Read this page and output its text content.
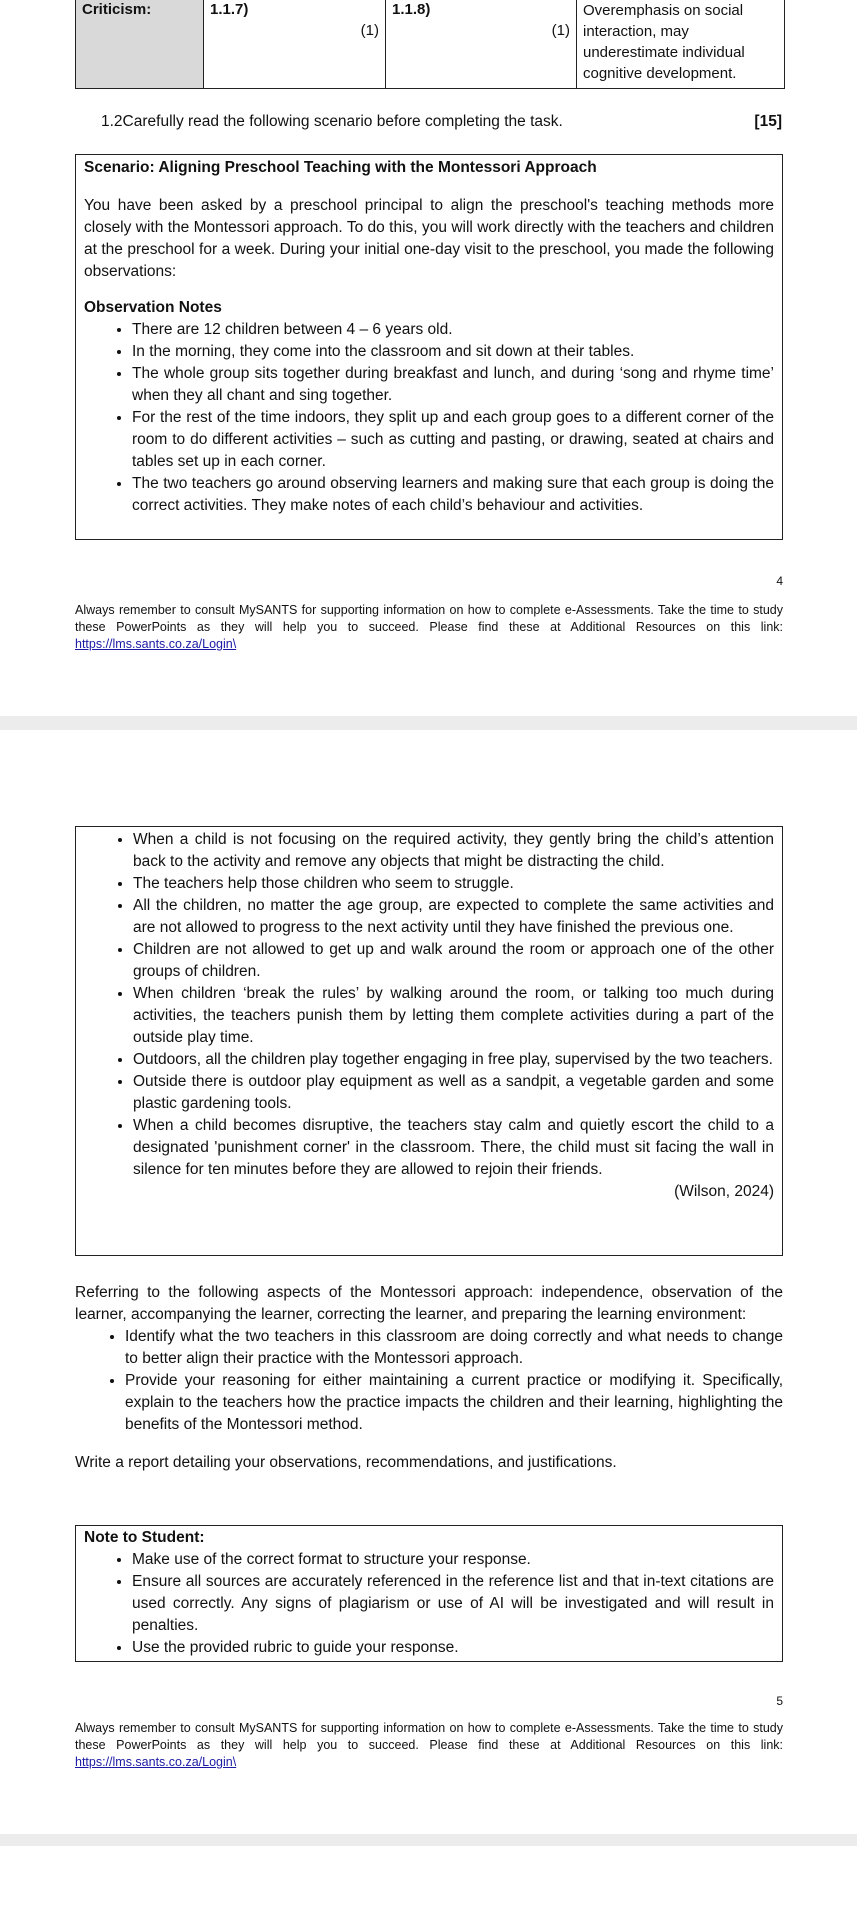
Criticism:	1.1.7)
(1)
1.1.8)
(1)
Overemphasis on social interaction, may underestimate individual cognitive development.
1.2Carefully read the following scenario before completing the task.	[15]
Scenario: Aligning Preschool Teaching with the Montessori Approach
You have been asked by a preschool principal to align the preschool's teaching methods more closely with the Montessori approach. To do this, you will work directly with the teachers and children at the preschool for a week. During your initial one-day visit to the preschool, you made the following observations:
Observation Notes
• There are 12 children between 4 – 6 years old.
• In the morning, they come into the classroom and sit down at their tables.
• The whole group sits together during breakfast and lunch, and during ‘song and rhyme time’ when they all chant and sing together.
• For the rest of the time indoors, they split up and each group goes to a different corner of the room to do different activities – such as cutting and pasting, or drawing, seated at chairs and tables set up in each corner.
• The two teachers go around observing learners and making sure that each group is doing the correct activities. They make notes of each child’s behaviour and activities.
4
Always remember to consult MySANTS for supporting information on how to complete e-Assessments. Take the time to study these PowerPoints as they will help you to succeed. Please find these at Additional Resources on this link: https://lms.sants.co.za/Login\
• When a child is not focusing on the required activity, they gently bring the child’s attention back to the activity and remove any objects that might be distracting the child.
• The teachers help those children who seem to struggle.
• All the children, no matter the age group, are expected to complete the same activities and are not allowed to progress to the next activity until they have finished the previous one.
• Children are not allowed to get up and walk around the room or approach one of the other groups of children.
• When children ‘break the rules’ by walking around the room, or talking too much during activities, the teachers punish them by letting them complete activities during a part of the outside play time.
• Outdoors, all the children play together engaging in free play, supervised by the two teachers.
• Outside there is outdoor play equipment as well as a sandpit, a vegetable garden and some plastic gardening tools.
• When a child becomes disruptive, the teachers stay calm and quietly escort the child to a designated 'punishment corner' in the classroom. There, the child must sit facing the wall in silence for ten minutes before they are allowed to rejoin their friends.
(Wilson, 2024)
Referring to the following aspects of the Montessori approach: independence, observation of the learner, accompanying the learner, correcting the learner, and preparing the learning environment:
• Identify what the two teachers in this classroom are doing correctly and what needs to change to better align their practice with the Montessori approach.
• Provide your reasoning for either maintaining a current practice or modifying it. Specifically, explain to the teachers how the practice impacts the children and their learning, highlighting the benefits of the Montessori method.
Write a report detailing your observations, recommendations, and justifications.
Note to Student:
• Make use of the correct format to structure your response.
• Ensure all sources are accurately referenced in the reference list and that in-text citations are used correctly. Any signs of plagiarism or use of AI will be investigated and will result in penalties.
• Use the provided rubric to guide your response.
5
Always remember to consult MySANTS for supporting information on how to complete e-Assessments. Take the time to study these PowerPoints as they will help you to succeed. Please find these at Additional Resources on this link: https://lms.sants.co.za/Login\
